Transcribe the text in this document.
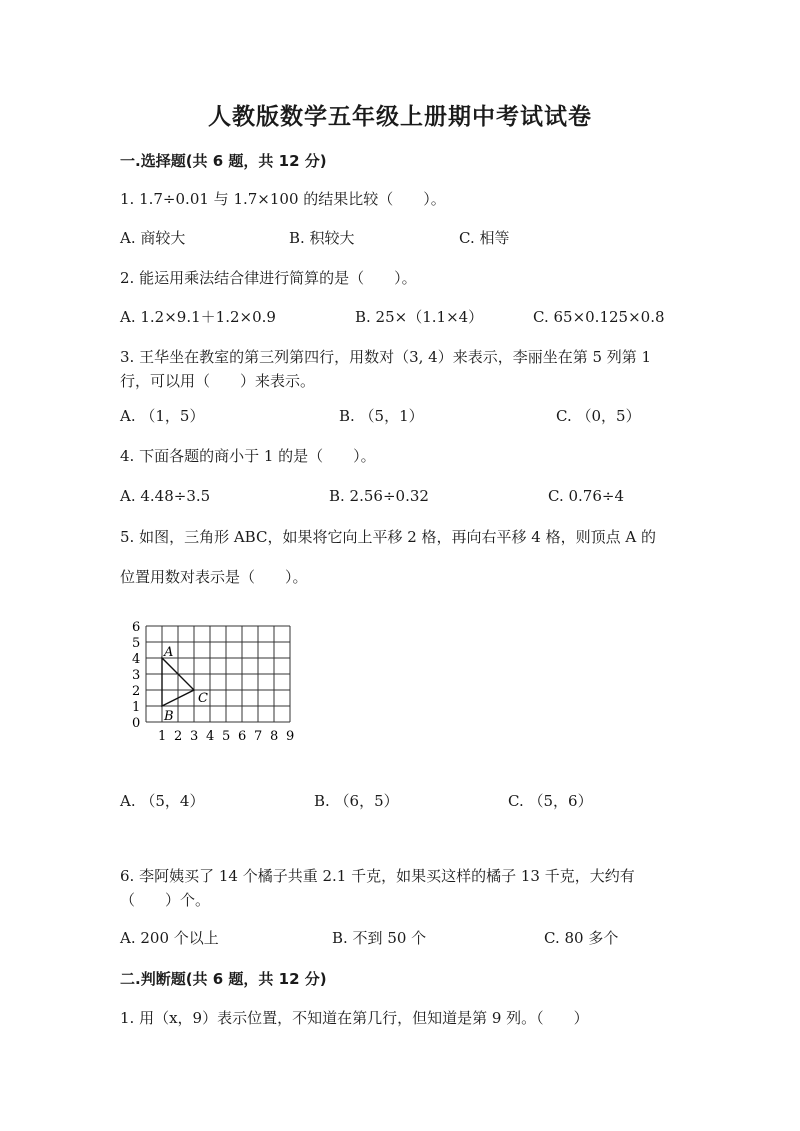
人教版数学五年级上册期中考试试卷
一.选择题(共 6 题，共 12 分)
1. 1.7÷0.01 与 1.7×100 的结果比较（　　）。
A. 商较大	B. 积较大	C. 相等
2. 能运用乘法结合律进行简算的是（　　）。
A. 1.2×9.1＋1.2×0.9	B. 25×（1.1×4）	C. 65×0.125×0.8
3. 王华坐在教室的第三列第四行，用数对（3, 4）来表示，李丽坐在第 5 列第 1 行，可以用（　　）来表示。
A. （1，5）	B. （5，1）	C. （0，5）
4. 下面各题的商小于 1 的是（　　）。
A. 4.48÷3.5	B. 2.56÷0.32	C. 0.76÷4
5. 如图，三角形 ABC，如果将它向上平移 2 格，再向右平移 4 格，则顶点 A 的
位置用数对表示是（　　）。
6
5
4
3
2
1
0
1 2 3 4 5 6 7 8 9
A
B
C
A. （5，4）	B. （6，5）	C. （5，6）
6. 李阿姨买了 14 个橘子共重 2.1 千克，如果买这样的橘子 13 千克，大约有（　　）个。
A. 200 个以上	B. 不到 50 个	C. 80 多个
二.判断题(共 6 题，共 12 分)
1. 用（x，9）表示位置，不知道在第几行，但知道是第 9 列。（　　）
